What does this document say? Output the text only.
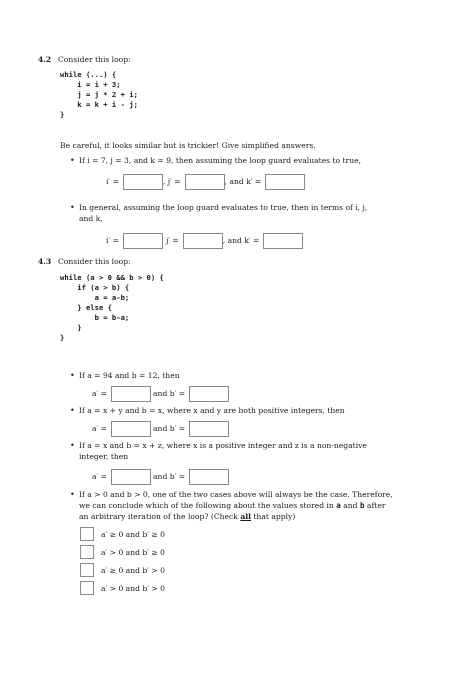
4.2 Consider this loop:
while (...) {
i = i + 3;
j = j * 2 + i;
k = k + i - j;
}
Be careful, it looks similar but is trickier! Give simplified answers.
• If i = 7, j = 3, and k = 9, then assuming the loop guard evaluates to true,
i′ =	, j′ =	, and k′ =
• In general, assuming the loop guard evaluates to true, then in terms of i, j,
and k,
i′ =	j′ =	, and k′ =
4.3 Consider this loop:
while (a > 0 && b > 0) {
if (a > b) {
a = a-b;
} else {
b = b-a;
}
}
• If a = 94 and b = 12, then
a′ =	and b′ =
• If a = x + y and b = x, where x and y are both positive integers, then
a′ =	and b′ =
• If a = x and b = x + z, where x is a positive integer and z is a non-negative
integer, then
a′ =	and b′ =
• If a > 0 and b > 0, one of the two cases above will always be the case. Therefore,
we can conclude which of the following about the values stored in a and b after
an arbitrary iteration of the loop? (Check all that apply)
a′ ≥ 0 and b′ ≥ 0
a′ > 0 and b′ ≥ 0
a′ ≥ 0 and b′ > 0
a′ > 0 and b′ > 0
